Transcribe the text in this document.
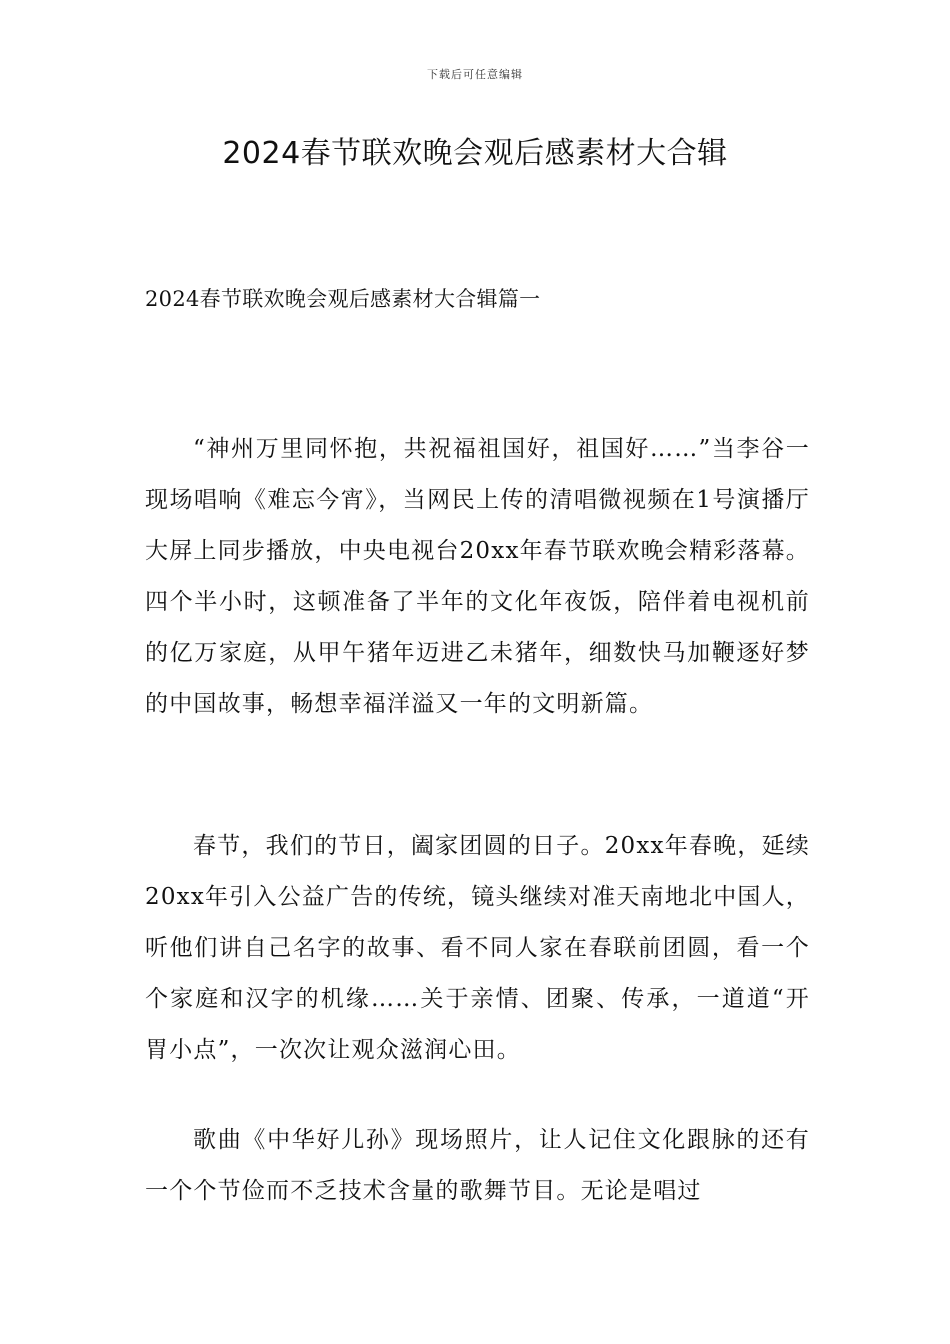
下载后可任意编辑
2024春节联欢晚会观后感素材大合辑
2024春节联欢晚会观后感素材大合辑篇一

“神州万里同怀抱，共祝福祖国好，祖国好……”当李谷一现场唱响《难忘今宵》，当网民上传的清唱微视频在1号演播厅大屏上同步播放，中央电视台20xx年春节联欢晚会精彩落幕。四个半小时，这顿准备了半年的文化年夜饭，陪伴着电视机前的亿万家庭，从甲午猪年迈进乙未猪年，细数快马加鞭逐好梦的中国故事，畅想幸福洋溢又一年的文明新篇。

春节，我们的节日，阖家团圆的日子。20xx年春晚，延续20xx年引入公益广告的传统，镜头继续对准天南地北中国人，听他们讲自己名字的故事、看不同人家在春联前团圆，看一个个家庭和汉字的机缘……关于亲情、团聚、传承，一道道“开胃小点”，一次次让观众滋润心田。

歌曲《中华好儿孙》现场照片，让人记住文化跟脉的还有一个个节俭而不乏技术含量的歌舞节目。无论是唱过
